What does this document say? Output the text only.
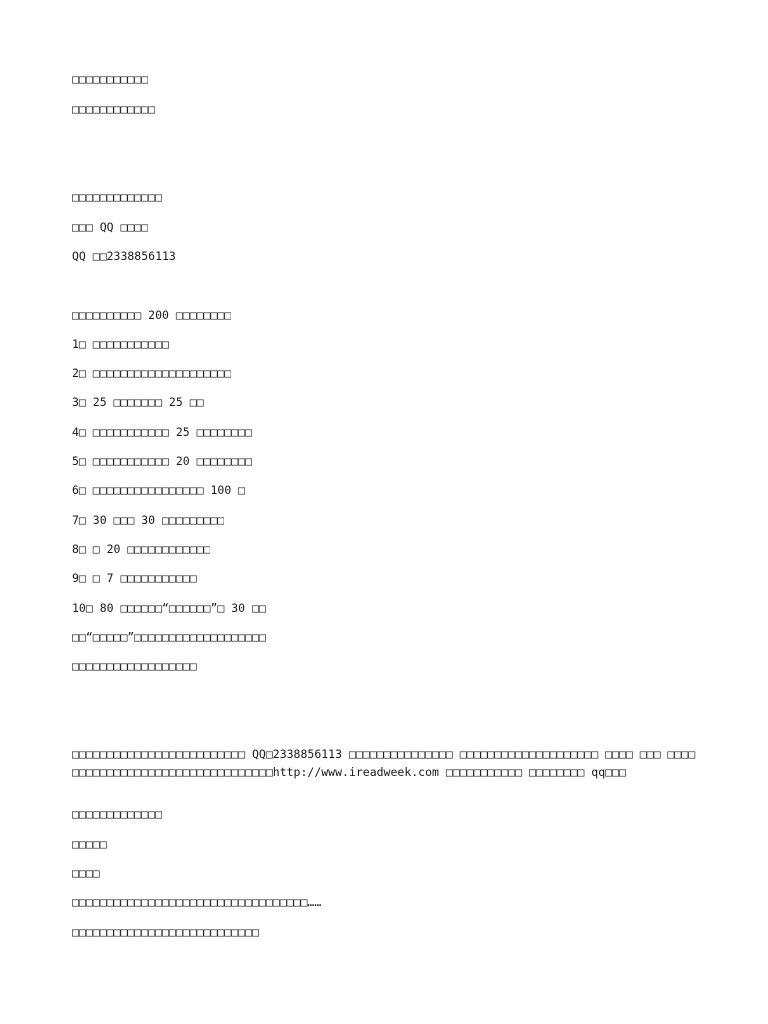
□□□□□□□□□□□

□□□□□□□□□□□□

□□□□□□□□□□□□□

□□□ QQ □□□□

QQ □□2338856113

□□□□□□□□□□ 200 □□□□□□□□

1□ □□□□□□□□□□□

2□ □□□□□□□□□□□□□□□□□□□□

3□ 25 □□□□□□□ 25 □□

4□ □□□□□□□□□□□ 25 □□□□□□□□

5□ □□□□□□□□□□□ 20 □□□□□□□□

6□ □□□□□□□□□□□□□□□□ 100 □

7□ 30 □□□ 30 □□□□□□□□□

8□ □ 20 □□□□□□□□□□□□

9□ □ 7 □□□□□□□□□□□

10□ 80 □□□□□□“□□□□□□”□ 30 □□

□□“□□□□□”□□□□□□□□□□□□□□□□□□□

□□□□□□□□□□□□□□□□□□

□□□□□□□□□□□□□□□□□□□□□□□□□ QQ□2338856113 □□□□□□□□□□□□□□□ □□□□□□□□□□□□□□□□□□□□ □□□□ □□□ □□□□□□□□□□□□□□□□□□□□□□□□□□□□□□□□□http://www.ireadweek.com □□□□□□□□□□□ □□□□□□□□ qq□□□

□□□□□□□□□□□□□

□□□□□

□□□□

□□□□□□□□□□□□□□□□□□□□□□□□□□□□□□□□□□……

□□□□□□□□□□□□□□□□□□□□□□□□□□□
